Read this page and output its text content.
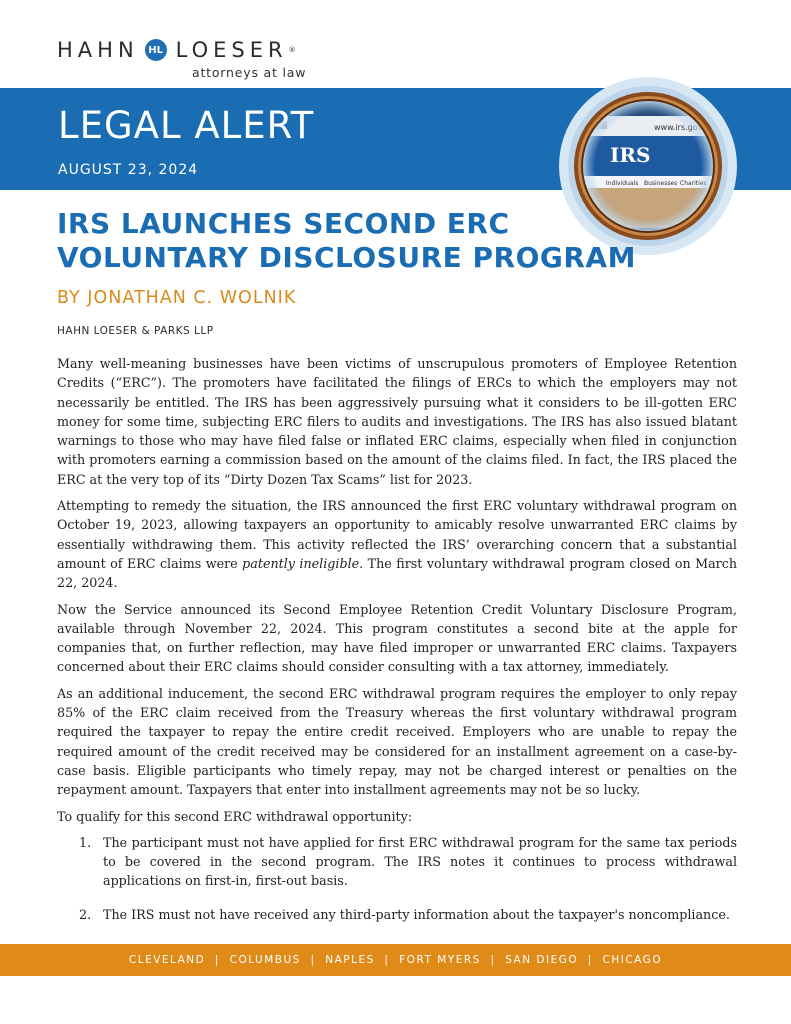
HAHN HL LOESER ®
attorneys at law
LEGAL ALERT
AUGUST 23, 2024
IRS LAUNCHES SECOND ERC
VOLUNTARY DISCLOSURE PROGRAM
BY JONATHAN C. WOLNIK
HAHN LOESER & PARKS LLP

Many well-meaning businesses have been victims of unscrupulous promoters of Employee Retention Credits (“ERC”). The promoters have facilitated the filings of ERCs to which the employers may not necessarily be entitled. The IRS has been aggressively pursuing what it considers to be ill-gotten ERC money for some time, subjecting ERC filers to audits and investigations. The IRS has also issued blatant warnings to those who may have filed false or inflated ERC claims, especially when filed in conjunction with promoters earning a commission based on the amount of the claims filed. In fact, the IRS placed the ERC at the very top of its “Dirty Dozen Tax Scams” list for 2023.

Attempting to remedy the situation, the IRS announced the first ERC voluntary withdrawal program on October 19, 2023, allowing taxpayers an opportunity to amicably resolve unwarranted ERC claims by essentially withdrawing them. This activity reflected the IRS’ overarching concern that a substantial amount of ERC claims were patently ineligible. The first voluntary withdrawal program closed on March 22, 2024.

Now the Service announced its Second Employee Retention Credit Voluntary Disclosure Program, available through November 22, 2024. This program constitutes a second bite at the apple for companies that, on further reflection, may have filed improper or unwarranted ERC claims. Taxpayers concerned about their ERC claims should consider consulting with a tax attorney, immediately.

As an additional inducement, the second ERC withdrawal program requires the employer to only repay 85% of the ERC claim received from the Treasury whereas the first voluntary withdrawal program required the taxpayer to repay the entire credit received. Employers who are unable to repay the required amount of the credit received may be considered for an installment agreement on a case-by-case basis. Eligible participants who timely repay, may not be charged interest or penalties on the repayment amount. Taxpayers that enter into installment agreements may not be so lucky.

To qualify for this second ERC withdrawal opportunity:

1. The participant must not have applied for first ERC withdrawal program for the same tax periods to be covered in the second program. The IRS notes it continues to process withdrawal applications on first-in, first-out basis.
2. The IRS must not have received any third-party information about the taxpayer's noncompliance.
CLEVELAND  |  COLUMBUS  |  NAPLES  |  FORT MYERS  |  SAN DIEGO  |  CHICAGO
